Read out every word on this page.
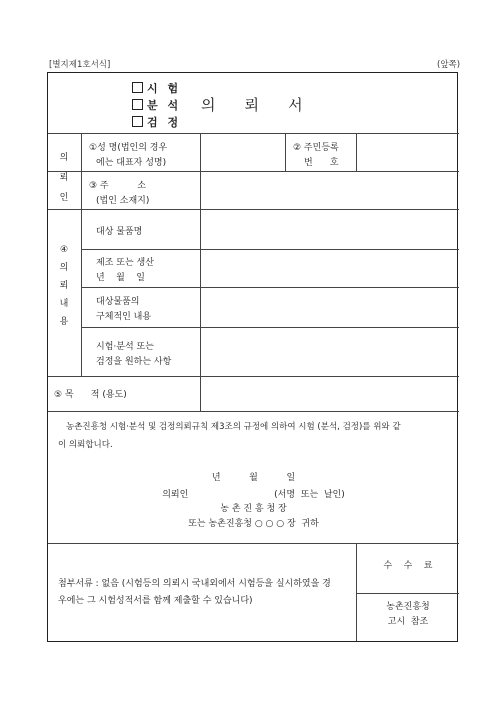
[별지제1호서식]	(앞쪽)
시 험
분 석
검 정
의    뢰    서
의
뢰
인
①성 명(법인의 경우
에는 대표자 성명)
② 주민등록
번      호
③ 주          소
(법인 소재지)
④
의
뢰
내
용
대상 물품명
제조 또는 생산
년    월    일
대상물품의
구체적인 내용
시험·분석 또는
검정을 원하는 사항
⑤ 목      적 (용도)
농촌진흥청 시험·분석 및 검정의뢰규칙 제3조의 규정에 의하여 시험 (분석, 검정)를 위와 같
이 의뢰합니다.
년          월          일
의뢰인                              (서명  또는  날인)
농 촌 진 흥 청 장
또는 농촌진흥청 ○ ○ ○ 장  귀하
첨부서류 : 없음 (시험등의 의뢰시 국내외에서 시험등을 실시하였을 경
우에는 그 시험성적서를 함께 제출할 수 있습니다)
수    수    료
농촌진흥청
고시  참조
